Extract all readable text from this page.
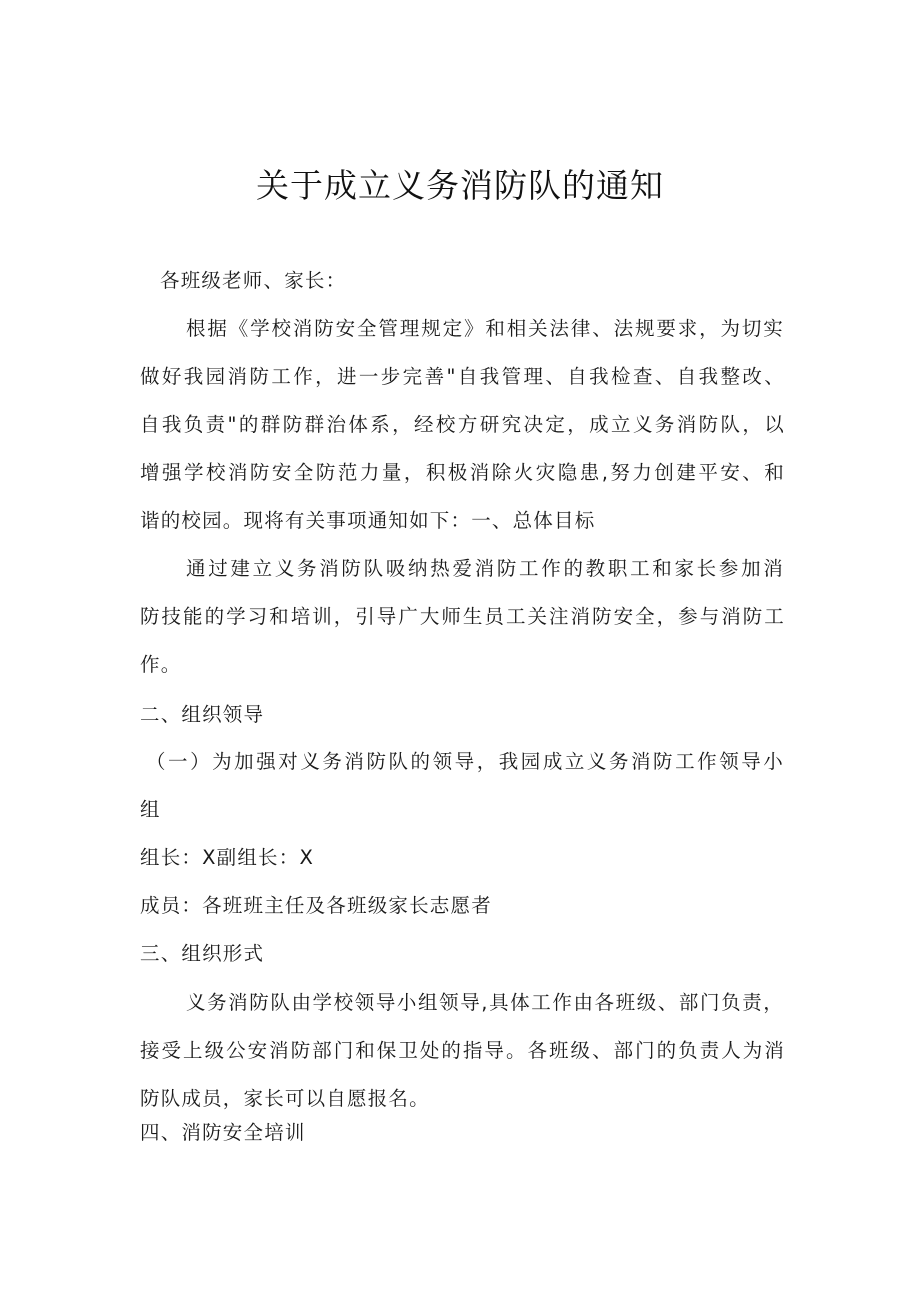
关于成立义务消防队的通知
各班级老师、家长：
根据《学校消防安全管理规定》和相关法律、法规要求，为切实
做好我园消防工作，进一步完善"自我管理、自我检查、自我整改、
自我负责"的群防群治体系，经校方研究决定，成立义务消防队，以
增强学校消防安全防范力量，积极消除火灾隐患,努力创建平安、和
谐的校园。现将有关事项通知如下：一、总体目标
通过建立义务消防队吸纳热爱消防工作的教职工和家长参加消
防技能的学习和培训，引导广大师生员工关注消防安全，参与消防工
作。
二、组织领导
（一）为加强对义务消防队的领导，我园成立义务消防工作领导小
组
组长：X副组长：X
成员：各班班主任及各班级家长志愿者
三、组织形式
义务消防队由学校领导小组领导,具体工作由各班级、部门负责，
接受上级公安消防部门和保卫处的指导。各班级、部门的负责人为消
防队成员，家长可以自愿报名。
四、消防安全培训
